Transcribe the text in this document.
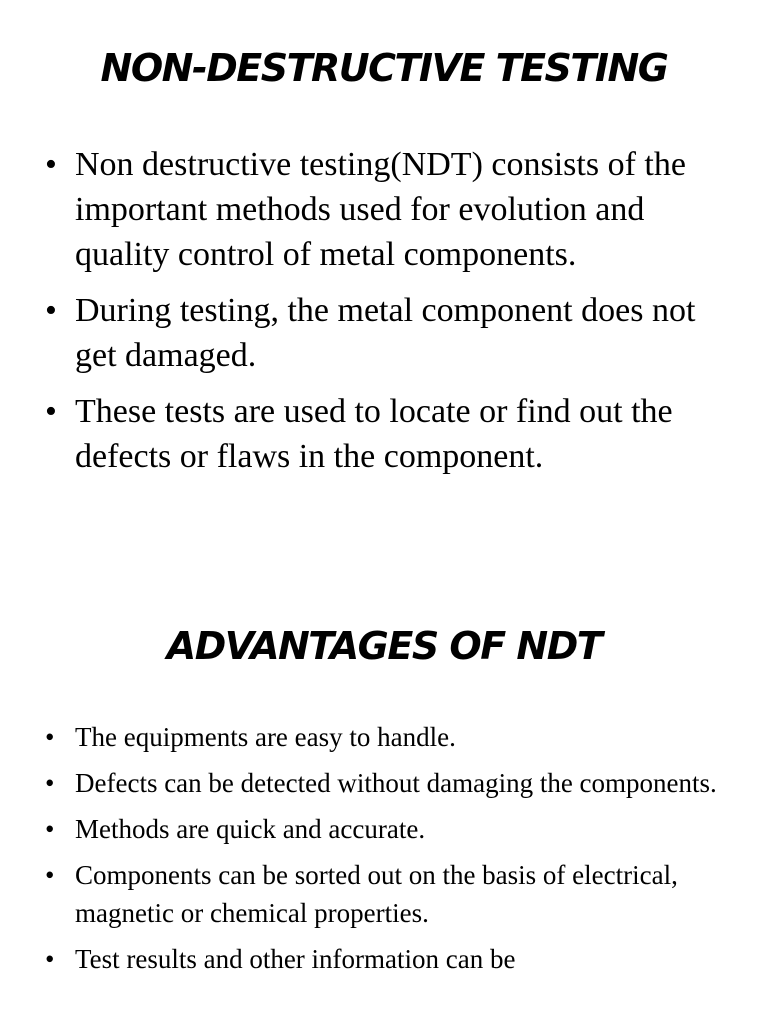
NON-DESTRUCTIVE TESTING
• Non destructive testing(NDT) consists of the important methods used for evolution and quality control of metal components.
• During testing, the metal component does not get damaged.
• These tests are used to locate or find out the defects or flaws in the component.
ADVANTAGES OF NDT
• The equipments are easy to handle.
• Defects can be detected without damaging the components.
• Methods are quick and accurate.
• Components can be sorted out on the basis of electrical, magnetic or chemical properties.
• Test results and other information can be
